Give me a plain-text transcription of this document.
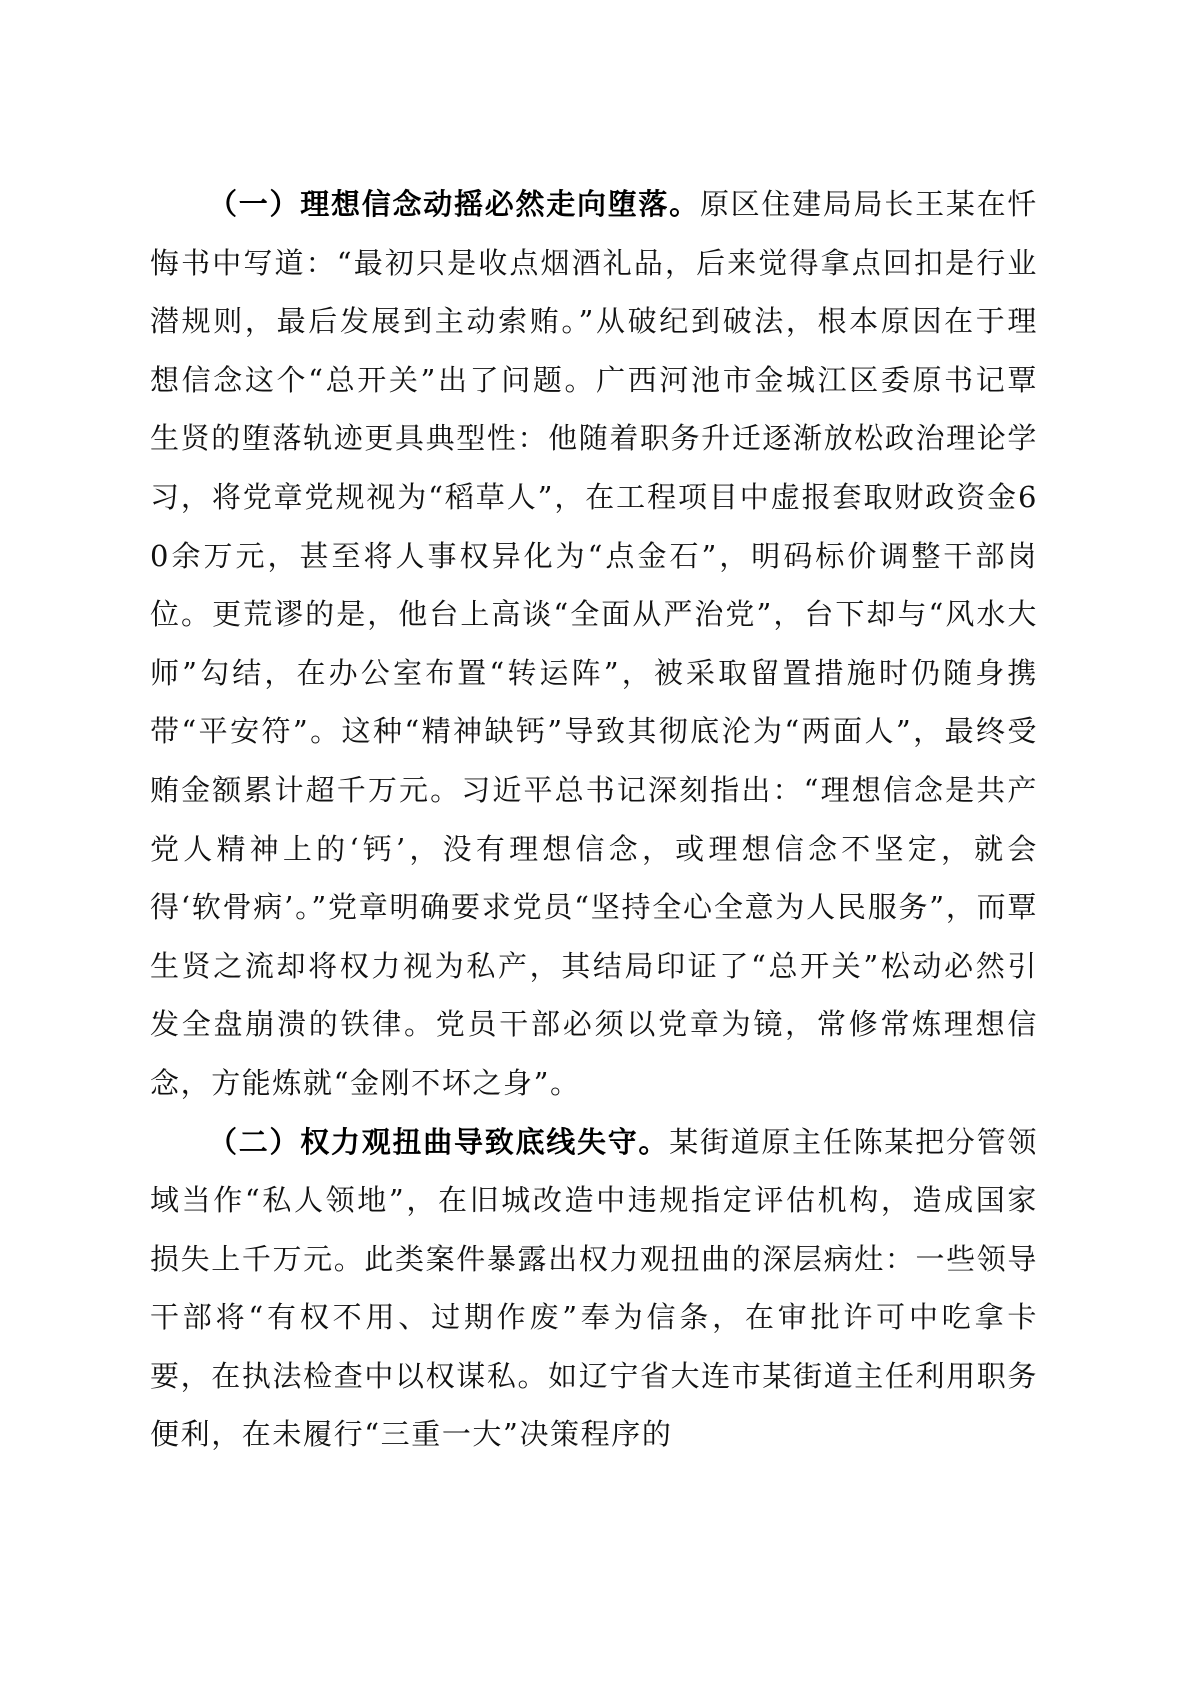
（一）理想信念动摇必然走向堕落。原区住建局局长王某在忏悔书中写道：“最初只是收点烟酒礼品，后来觉得拿点回扣是行业潜规则，最后发展到主动索贿。”从破纪到破法，根本原因在于理想信念这个“总开关”出了问题。广西河池市金城江区委原书记覃生贤的堕落轨迹更具典型性：他随着职务升迁逐渐放松政治理论学习，将党章党规视为“稻草人”，在工程项目中虚报套取财政资金60余万元，甚至将人事权异化为“点金石”，明码标价调整干部岗位。更荒谬的是，他台上高谈“全面从严治党”，台下却与“风水大师”勾结，在办公室布置“转运阵”，被采取留置措施时仍随身携带“平安符”。这种“精神缺钙”导致其彻底沦为“两面人”，最终受贿金额累计超千万元。习近平总书记深刻指出：“理想信念是共产党人精神上的‘钙’，没有理想信念，或理想信念不坚定，就会得‘软骨病’。”党章明确要求党员“坚持全心全意为人民服务”，而覃生贤之流却将权力视为私产，其结局印证了“总开关”松动必然引发全盘崩溃的铁律。党员干部必须以党章为镜，常修常炼理想信念，方能炼就“金刚不坏之身”。

（二）权力观扭曲导致底线失守。某街道原主任陈某把分管领域当作“私人领地”，在旧城改造中违规指定评估机构，造成国家损失上千万元。此类案件暴露出权力观扭曲的深层病灶：一些领导干部将“有权不用、过期作废”奉为信条，在审批许可中吃拿卡要，在执法检查中以权谋私。如辽宁省大连市某街道主任利用职务便利，在未履行“三重一大”决策程序的
